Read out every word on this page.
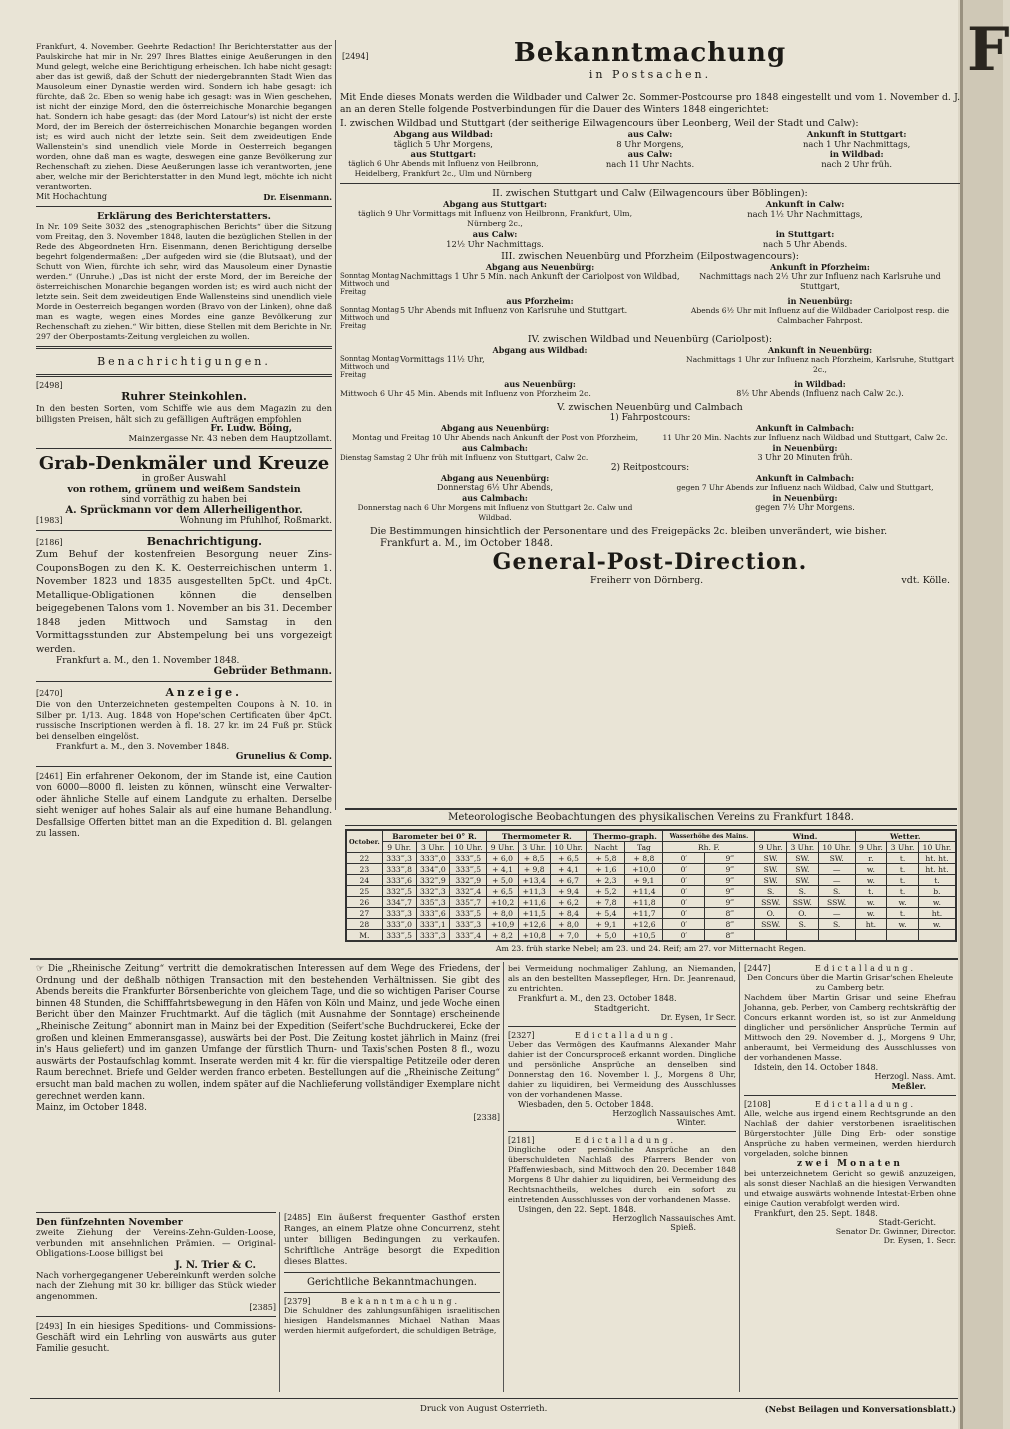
Frankfurt, 4. November. Geehrte Redaction! Ihr Berichterstatter aus der Paulskirche hat mir in Nr. 297 Ihres Blattes einige Aeußerungen in den Mund gelegt, welche eine Berichtigung erheischen. Ich habe nicht gesagt: aber das ist gewiß, daß der Schutt der niedergebrannten Stadt Wien das Mausoleum einer Dynastie werden wird. Sondern ich habe gesagt: ich fürchte, daß 2c. Eben so wenig habe ich gesagt: was in Wien geschehen, ist nicht der einzige Mord, den die österreichische Monarchie begangen hat. Sondern ich habe gesagt: das (der Mord Latour's) ist nicht der erste Mord, der im Bereich der österreichischen Monarchie begangen worden ist; es wird auch nicht der letzte sein. Seit dem zweideutigen Ende Wallenstein's sind unendlich viele Morde in Oesterreich begangen worden, ohne daß man es wagte, deswegen eine ganze Bevölkerung zur Rechenschaft zu ziehen. Diese Aeußerungen lasse ich verantworten, jene aber, welche mir der Berichterstatter in den Mund legt, möchte ich nicht verantworten.

Mit Hochachtung	Dr. Eisenmann.
Erklärung des Berichterstatters.

In Nr. 109 Seite 3032 des „stenographischen Berichts“ über die Sitzung vom Freitag, den 3. November 1848, lauten die bezüglichen Stellen in der Rede des Abgeordneten Hrn. Eisenmann, denen Berichtigung derselbe begehrt folgendermaßen: „Der aufgeden wird sie (die Blutsaat), und der Schutt von Wien, fürchte ich sehr, wird das Mausoleum einer Dynastie werden.“ (Unruhe.) „Das ist nicht der erste Mord, der im Bereiche der österreichischen Monarchie begangen worden ist; es wird auch nicht der letzte sein. Seit dem zweideutigen Ende Wallensteins sind unendlich viele Morde in Oesterreich begangen worden (Bravo von der Linken), ohne daß man es wagte, wegen eines Mordes eine ganze Bevölkerung zur Rechenschaft zu ziehen.“ Wir bitten, diese Stellen mit dem Berichte in Nr. 297 der Oberpostamts-Zeitung vergleichen zu wollen.

Benachrichtigungen.
[2498]
Ruhrer Steinkohlen.

In den besten Sorten, vom Schiffe wie aus dem Magazin zu den billigsten Preisen, hält sich zu gefälligen Aufträgen empfohlen

Fr. Ludw. Böing,
Mainzergasse Nr. 43 neben dem Hauptzollamt.
Grab-Denkmäler und Kreuze
in großer Auswahl
von rothem, grünem und weißem Sandstein
sind vorräthig zu haben bei
A. Sprückmann vor dem Allerheiligenthor.
[1983]	Wohnung im Pfuhlhof, Roßmarkt.
[2186]	Benachrichtigung.

Zum Behuf der kostenfreien Besorgung neuer Zins-CouponsBogen zu den K. K. Oesterreichischen unterm 1. November 1823 und 1835 ausgestellten 5pCt. und 4pCt. Metallique-Obligationen können die denselben beigegebenen Talons vom 1. November an bis 31. December 1848 jeden Mittwoch und Samstag in den Vormittagsstunden zur Abstempelung bei uns vorgezeigt werden.

Frankfurt a. M., den 1. November 1848.
Gebrüder Bethmann.
[2470]	Anzeige.

Die von den Unterzeichneten gestempelten Coupons à N. 10. in Silber pr. 1/13. Aug. 1848 von Hope'schen Certificaten über 4pCt. russische Inscriptionen werden à fl. 18. 27 kr. im 24 Fuß pr. Stück bei denselben eingelöst.

Frankfurt a. M., den 3. November 1848.
Grunelius & Comp.

[2461] Ein erfahrener Oekonom, der im Stande ist, eine Caution von 6000—8000 fl. leisten zu können, wünscht eine Verwalter- oder ähnliche Stelle auf einem Landgute zu erhalten. Derselbe sieht weniger auf hohes Salair als auf eine humane Behandlung. Desfallsige Offerten bittet man an die Expedition d. Bl. gelangen zu lassen.

[2494]	Bekanntmachung
in Postsachen.

Mit Ende dieses Monats werden die Wildbader und Calwer 2c. Sommer-Postcourse pro 1848 eingestellt und vom 1. November d. J. an an deren Stelle folgende Postverbindungen für die Dauer des Winters 1848 eingerichtet:

I. zwischen Wildbad und Stuttgart (der seitherige Eilwagencours über Leonberg, Weil der Stadt und Calw):
Abgang aus Wildbad:
täglich 5 Uhr Morgens,
aus Calw:
8 Uhr Morgens,
Ankunft in Stuttgart:
nach 1 Uhr Nachmittags,
aus Stuttgart:
täglich 6 Uhr Abends mit Influenz von Heilbronn, Heidelberg, Frankfurt 2c., Ulm und Nürnberg
aus Calw:
nach 11 Uhr Nachts.
in Wildbad:
nach 2 Uhr früh.
II. zwischen Stuttgart und Calw (Eilwagencours über Böblingen):
Abgang aus Stuttgart:
täglich 9 Uhr Vormittags mit Influenz von Heilbronn, Frankfurt, Ulm, Nürnberg 2c.,
Ankunft in Calw:
nach 1½ Uhr Nachmittags,
aus Calw:
12½ Uhr Nachmittags.
in Stuttgart:
nach 5 Uhr Abends.
III. zwischen Neuenbürg und Pforzheim (Eilpostwagencours):
Abgang aus Neuenbürg:	Ankunft in Pforzheim:
Sonntag Montag Mittwoch und Freitag
Nachmittags 1 Uhr 5 Min. nach Ankunft der Cariolpost von Wildbad,	Nachmittags nach 2½ Uhr zur Influenz nach Karlsruhe und Stuttgart,
aus Pforzheim:	in Neuenbürg:
Sonntag Montag Mittwoch und Freitag
5 Uhr Abends mit Influenz von Karlsruhe und Stuttgart.	Abends 6½ Uhr mit Influenz auf die Wildbader Cariolpost resp. die Calmbacher Fahrpost.
IV. zwischen Wildbad und Neuenbürg (Cariolpost):
Abgang aus Wildbad:	Ankunft in Neuenbürg:
Sonntag Montag Mittwoch und Freitag
Vormittags 11½ Uhr,	Nachmittags 1 Uhr zur Influenz nach Pforzheim, Karlsruhe, Stuttgart 2c.,
aus Neuenbürg:	in Wildbad:
Mittwoch 6 Uhr 45 Min. Abends mit Influenz von Pforzheim 2c.	8½ Uhr Abends (Influenz nach Calw 2c.).
V. zwischen Neuenbürg und Calmbach
1) Fahrpostcours:
Abgang aus Neuenbürg:	Ankunft in Calmbach:
Montag und Freitag 10 Uhr Abends nach Ankunft der Post von Pforzheim,	11 Uhr 20 Min. Nachts zur Influenz nach Wildbad und Stuttgart, Calw 2c.
aus Calmbach:	in Neuenbürg:
Dienstag Samstag 2 Uhr früh mit Influenz von Stuttgart, Calw 2c.	3 Uhr 20 Minuten früh.
2) Reitpostcours:
Abgang aus Neuenbürg:	Ankunft in Calmbach:
Donnerstag 6½ Uhr Abends,	gegen 7 Uhr Abends zur Influenz nach Wildbad, Calw und Stuttgart,
aus Calmbach:	in Neuenbürg:
Donnerstag nach 6 Uhr Morgens mit Influenz von Stuttgart 2c. Calw und Wildbad.
gegen 7½ Uhr Morgens.

Die Bestimmungen hinsichtlich der Personentare und des Freigepäcks 2c. bleiben unverändert, wie bisher.

Frankfurt a. M., im October 1848.
General-Post-Direction.
Freiherr von Dörnberg.	vdt. Kölle.
Meteorologische Beobachtungen des physikalischen Vereins zu Frankfurt 1848.
October.	Barometer bei 0° R.			Thermometer R.			Thermo-graph.		Wasserhöhe des Mains.		Wind.			Wetter.		
	9 Uhr.	3 Uhr.	10 Uhr.	9 Uhr.	3 Uhr.	10 Uhr.	Nacht	Tag	Rh. F.		9 Uhr.	3 Uhr.	10 Uhr.	9 Uhr.	3 Uhr.	10 Uhr.
22	333‴,3	333‴,0	333‴,5	+ 6,0	+ 8,5	+ 6,5	+ 5,8	+ 8,8	0′	9‴	SW.	SW.	SW.	r.	t.	ht. ht.
23	333‴,8	334‴,0	333‴,5	+ 4,1	+ 9,8	+ 4,1	+ 1,6	+10,0	0′	9‴	SW.	SW.	—	w.	t.	ht. ht.
24	333‴,6	332‴,9	332‴,9	+ 5,0	+13,4	+ 6,7	+ 2,3	+ 9,1	0′	9‴	SW.	SW.	—	w.	t.	t.
25	332‴,5	332‴,3	332‴,4	+ 6,5	+11,3	+ 9,4	+ 5,2	+11,4	0′	9‴	S.	S.	S.	t.	t.	b.
26	334‴,7	335‴,3	335‴,7	+10,2	+11,6	+ 6,2	+ 7,8	+11,8	0′	9‴	SSW.	SSW.	SSW.	w.	w.	w.
27	333‴,3	333‴,6	333‴,5	+ 8,0	+11,5	+ 8,4	+ 5,4	+11,7	0′	8‴	O.	O.	—	w.	t.	ht.
28	333‴,0	333‴,1	333‴,3	+10,9	+12,6	+ 8,0	+ 9,1	+12,6	0′	8‴	SSW.	S.	S.	ht.	w.	w.
M.	333‴,5	333‴,3	333‴,4	+ 8,2	+10,8	+ 7,0	+ 5,0	+10,5	0′	8‴						
Am 23. früh starke Nebel; am 23. und 24. Reif; am 27. vor Mitternacht Regen.

☞ Die „Rheinische Zeitung“ vertritt die demokratischen Interessen auf dem Wege des Friedens, der Ordnung und der deßhalb nöthigen Transaction mit den bestehenden Verhältnissen. Sie gibt des Abends bereits die Frankfurter Börsenberichte von gleichem Tage, und die so wichtigen Pariser Course binnen 48 Stunden, die Schifffahrtsbewegung in den Häfen von Köln und Mainz, und jede Woche einen Bericht über den Mainzer Fruchtmarkt. Auf die täglich (mit Ausnahme der Sonntage) erscheinende „Rheinische Zeitung“ abonnirt man in Mainz bei der Expedition (Seifert'sche Buchdruckerei, Ecke der großen und kleinen Emmeransgasse), auswärts bei der Post. Die Zeitung kostet jährlich in Mainz (frei in's Haus geliefert) und im ganzen Umfange der fürstlich Thurn- und Taxis'schen Posten 8 fl., wozu auswärts der Postaufschlag kommt. Inserate werden mit 4 kr. für die vierspaltige Petitzeile oder deren Raum berechnet. Briefe und Gelder werden franco erbeten. Bestellungen auf die „Rheinische Zeitung“ ersucht man bald machen zu wollen, indem später auf die Nachlieferung vollständiger Exemplare nicht gerechnet werden kann.

Mainz, im October 1848.
[2338]
Den fünfzehnten November

zweite Ziehung der Vereins-Zehn-Gulden-Loose, verbunden mit ansehnlichen Prämien. — Original-Obligations-Loose billigst bei

J. N. Trier & C.

Nach vorhergegangener Uebereinkunft werden solche nach der Ziehung mit 30 kr. billiger das Stück wieder angenommen.

[2385]

[2493] In ein hiesiges Speditions- und Commissions-Geschäft wird ein Lehrling von auswärts aus guter Familie gesucht.

[2485] Ein äußerst frequenter Gasthof ersten Ranges, an einem Platze ohne Concurrenz, steht unter billigen Bedingungen zu verkaufen. Schriftliche Anträge besorgt die Expedition dieses Blattes.

Gerichtliche Bekanntmachungen.
[2379]	Bekanntmachung.

Die Schuldner des zahlungsunfähigen israelitischen hiesigen Handelsmannes Michael Nathan Maas werden hiermit aufgefordert, die schuldigen Beträge,

bei Vermeidung nochmaliger Zahlung, an Niemanden, als an den bestellten Massepfleger, Hrn. Dr. Jeanrenaud, zu entrichten.

Frankfurt a. M., den 23. October 1848.
Stadtgericht.
Dr. Eysen, 1r Secr.
[2327]	Edictalladung.

Ueber das Vermögen des Kaufmanns Alexander Mahr dahier ist der Concursproceß erkannt worden. Dingliche und persönliche Ansprüche an denselben sind Donnerstag den 16. November l. J., Morgens 8 Uhr, dahier zu liquidiren, bei Vermeidung des Ausschlusses von der vorhandenen Masse.

Wiesbaden, den 5. October 1848.
Herzoglich Nassauisches Amt.
Winter.
[2181]	Edictalladung.

Dingliche oder persönliche Ansprüche an den überschuldeten Nachlaß des Pfarrers Bender von Pfaffenwiesbach, sind Mittwoch den 20. December 1848 Morgens 8 Uhr dahier zu liquidiren, bei Vermeidung des Rechtsnachtheils, welches durch ein sofort zu eintretenden Ausschlusses von der vorhandenen Masse.

Usingen, den 22. Sept. 1848.
Herzoglich Nassauisches Amt.
Spieß.
[2447]	Edictalladung.
Den Concurs über die Martin Grisar'schen Eheleute zu Camberg betr.

Nachdem über Martin Grisar und seine Ehefrau Johanna, geb. Perber, von Camberg rechtskräftig der Concurs erkannt worden ist, so ist zur Anmeldung dinglicher und persönlicher Ansprüche Termin auf Mittwoch den 29. November d. J., Morgens 9 Uhr, anberaumt, bei Vermeidung des Ausschlusses von der vorhandenen Masse.

Idstein, den 14. October 1848.
Herzogl. Nass. Amt.
Meßler.
[2108]	Edictalladung.

Alle, welche aus irgend einem Rechtsgrunde an den Nachlaß der dahier verstorbenen israelitischen Bürgerstochter Jülle Ding Erb- oder sonstige Ansprüche zu haben vermeinen, werden hierdurch vorgeladen, solche binnen

zwei Monaten

bei unterzeichnetem Gericht so gewiß anzuzeigen, als sonst dieser Nachlaß an die hiesigen Verwandten und etwaige auswärts wohnende Intestat-Erben ohne einige Caution verabfolgt werden wird.

Frankfurt, den 25. Sept. 1848.
Stadt-Gericht.
Senator Dr. Gwinner, Director.
Dr. Eysen, 1. Secr.
Druck von August Osterrieth.	(Nebst Beilagen und Konversationsblatt.)
F
